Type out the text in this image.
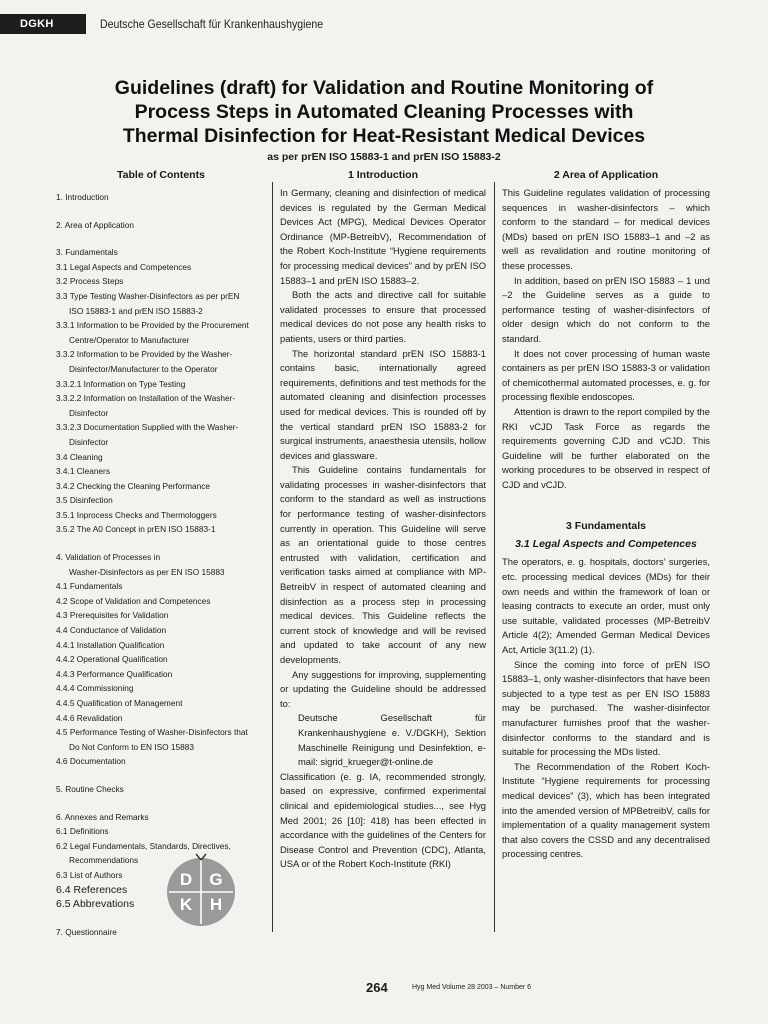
DGKH	Deutsche Gesellschaft für Krankenhaushygiene
Guidelines (draft) for Validation and Routine Monitoring of
Process Steps in Automated Cleaning Processes with
Thermal Disinfection for Heat-Resistant Medical Devices
as per prEN ISO 15883-1 and prEN ISO 15883-2
Table of Contents
1. Introduction
2. Area of Application
3. Fundamentals
3.1 Legal Aspects and Competences
3.2 Process Steps
3.3 Type Testing Washer-Disinfectors as per prEN
ISO 15883-1 and prEN ISO 15883-2
3.3.1 Information to be Provided by the Procurement
Centre/Operator to Manufacturer
3.3.2 Information to be Provided by the Washer-
Disinfector/Manufacturer to the Operator
3.3.2.1 Information on Type Testing
3.3.2.2 Information on Installation of the Washer-
Disinfector
3.3.2.3 Documentation Supplied with the Washer-
Disinfector
3.4 Cleaning
3.4.1 Cleaners
3.4.2 Checking the Cleaning Performance
3.5 Disinfection
3.5.1 Inprocess Checks and Thermologgers
3.5.2 The A0 Concept in prEN ISO 15883-1
4. Validation of Processes in
Washer-Disinfectors as per EN ISO 15883
4.1 Fundamentals
4.2 Scope of Validation and Competences
4.3 Prerequisites for Validation
4.4 Conductance of Validation
4.4.1 Installation Qualification
4.4.2 Operational Qualification
4.4.3 Performance Qualification
4.4.4 Commissioning
4.4.5 Qualification of Management
4.4.6 Revalidation
4.5 Performance Testing of Washer-Disinfectors that
Do Not Conform to EN ISO 15883
4.6 Documentation
5. Routine Checks
6. Annexes and Remarks
6.1 Definitions
6.2 Legal Fundamentals, Standards, Directives,
Recommendations
6.3 List of Authors
6.4 References
6.5 Abbrevations
7. Questionnaire
D G
K H
1 Introduction

In Germany, cleaning and disinfection of medical devices is regulated by the German Medical Devices Act (MPG), Medical Devices Operator Ordinance (MP-BetreibV), Recommendation of the Robert Koch-Institute “Hygiene requirements for processing medical devices” and by prEN ISO 15883–1 and prEN ISO 15883–2.

Both the acts and directive call for suitable validated processes to ensure that processed medical devices do not pose any health risks to patients, users or third parties.

The horizontal standard prEN ISO 15883-1 contains basic, internationally agreed requirements, definitions and test methods for the automated cleaning and disinfection processes used for medical devices. This is rounded off by the vertical standard prEN ISO 15883-2 for surgical instruments, anaesthesia utensils, hollow devices and glassware.

This Guideline contains fundamentals for validating processes in washer-disinfectors that conform to the standard as well as instructions for performance testing of washer-disinfectors currently in operation. This Guideline will serve as an orientational guide to those centres entrusted with validation, certification and verification tasks aimed at compliance with MP-BetreibV in respect of automated cleaning and disinfection as a process step in processing medical devices. This Guideline reflects the current stock of knowledge and will be revised and updated to take account of any new developments.

Any suggestions for improving, supplementing or updating the Guideline should be addressed to:

Deutsche Gesellschaft für Krankenhaushygiene e. V./DGKH), Sektion Maschinelle Reinigung und Desinfektion, e-mail: sigrid_krueger@t-online.de

Classification (e. g. IA, recommended strongly, based on expressive, confirmed experimental clinical and epidemiological studies..., see Hyg Med 2001; 26 [10]: 418) has been effected in accordance with the guidelines of the Centers for Disease Control and Prevention (CDC), Atlanta, USA or of the Robert Koch-Institute (RKI)

2 Area of Application

This Guideline regulates validation of processing sequences in washer-disinfectors – which conform to the standard – for medical devices (MDs) based on prEN ISO 15883–1 and –2 as well as revalidation and routine monitoring of these processes.

In addition, based on prEN ISO 15883 – 1 und –2 the Guideline serves as a guide to performance testing of washer-disinfectors of older design which do not conform to the standard.

It does not cover processing of human waste containers as per prEN ISO 15883-3 or validation of chemicothermal automated processes, e. g. for processing flexible endoscopes.

Attention is drawn to the report compiled by the RKI vCJD Task Force as regards the requirements governing CJD and vCJD. This Guideline will be further elaborated on the working procedures to be observed in respect of CJD and vCJD.

3 Fundamentals
3.1 Legal Aspects and Competences

The operators, e. g. hospitals, doctors’ surgeries, etc. processing medical devices (MDs) for their own needs and within the framework of loan or leasing contracts to execute an order, must only use suitable, validated processes (MP-BetreibV Article 4(2); Amended German Medical Devices Act, Article 3(11.2) (1).

Since the coming into force of prEN ISO 15883–1, only washer-disinfectors that have been subjected to a type test as per EN ISO 15883 may be purchased. The washer-disinfector manufacturer furnishes proof that the washer-disinfector conforms to the standard and is suitable for processing the MDs listed.

The Recommendation of the Robert Koch-Institute “Hygiene requirements for processing medical devices” (3), which has been integrated into the amended version of MPBetreibV, calls for implementation of a quality management system that also covers the CSSD and any decentralised processing centres.

264	Hyg Med Volume 28 2003 – Number 6
